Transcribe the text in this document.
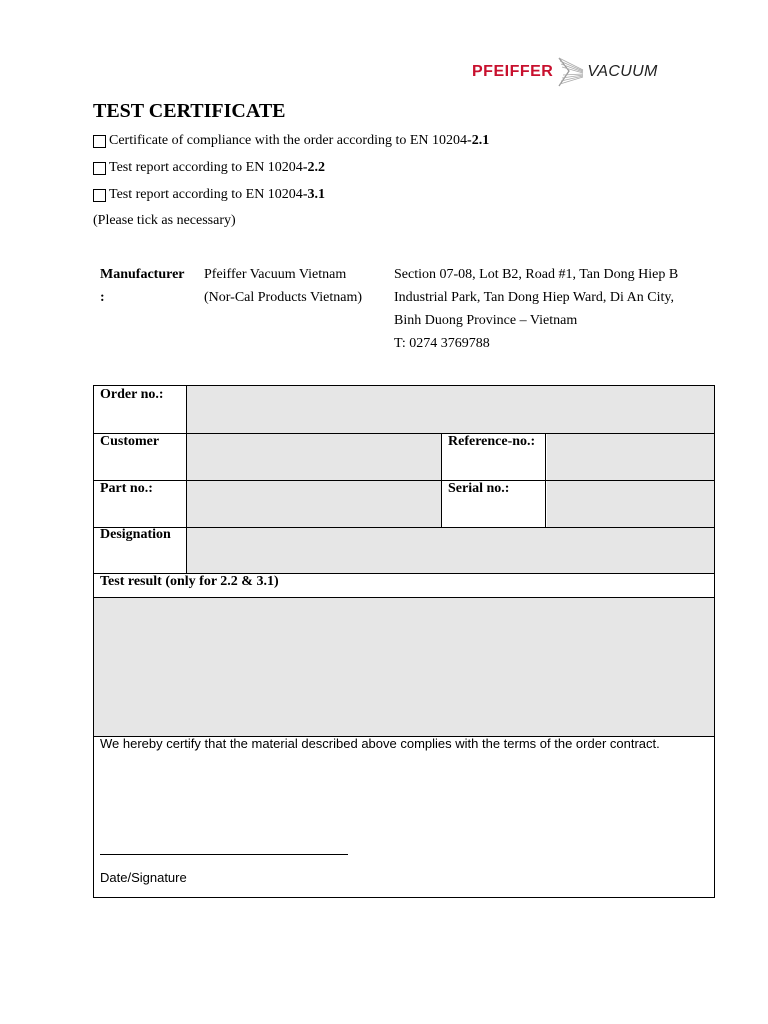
PFEIFFER VACUUM
TEST CERTIFICATE
Certificate of compliance with the order according to EN 10204 -2.1
Test report according to EN 10204 -2.2
Test report according to EN 10204 -3.1
(Please tick as necessary)
Manufacturer
:
Pfeiffer Vacuum Vietnam
(Nor-Cal Products Vietnam)
Section 07-08, Lot B2, Road #1, Tan Dong Hiep B
Industrial Park, Tan Dong Hiep Ward, Di An City,
Binh Duong Province – Vietnam
T: 0274 3769788
Order no.:
Customer	Reference-no.:
Part no.:	Serial no.:
Designation
Test result (only for 2.2 & 3.1)
We hereby certify that the material described above complies with the terms of the order contract.
Date/Signature
